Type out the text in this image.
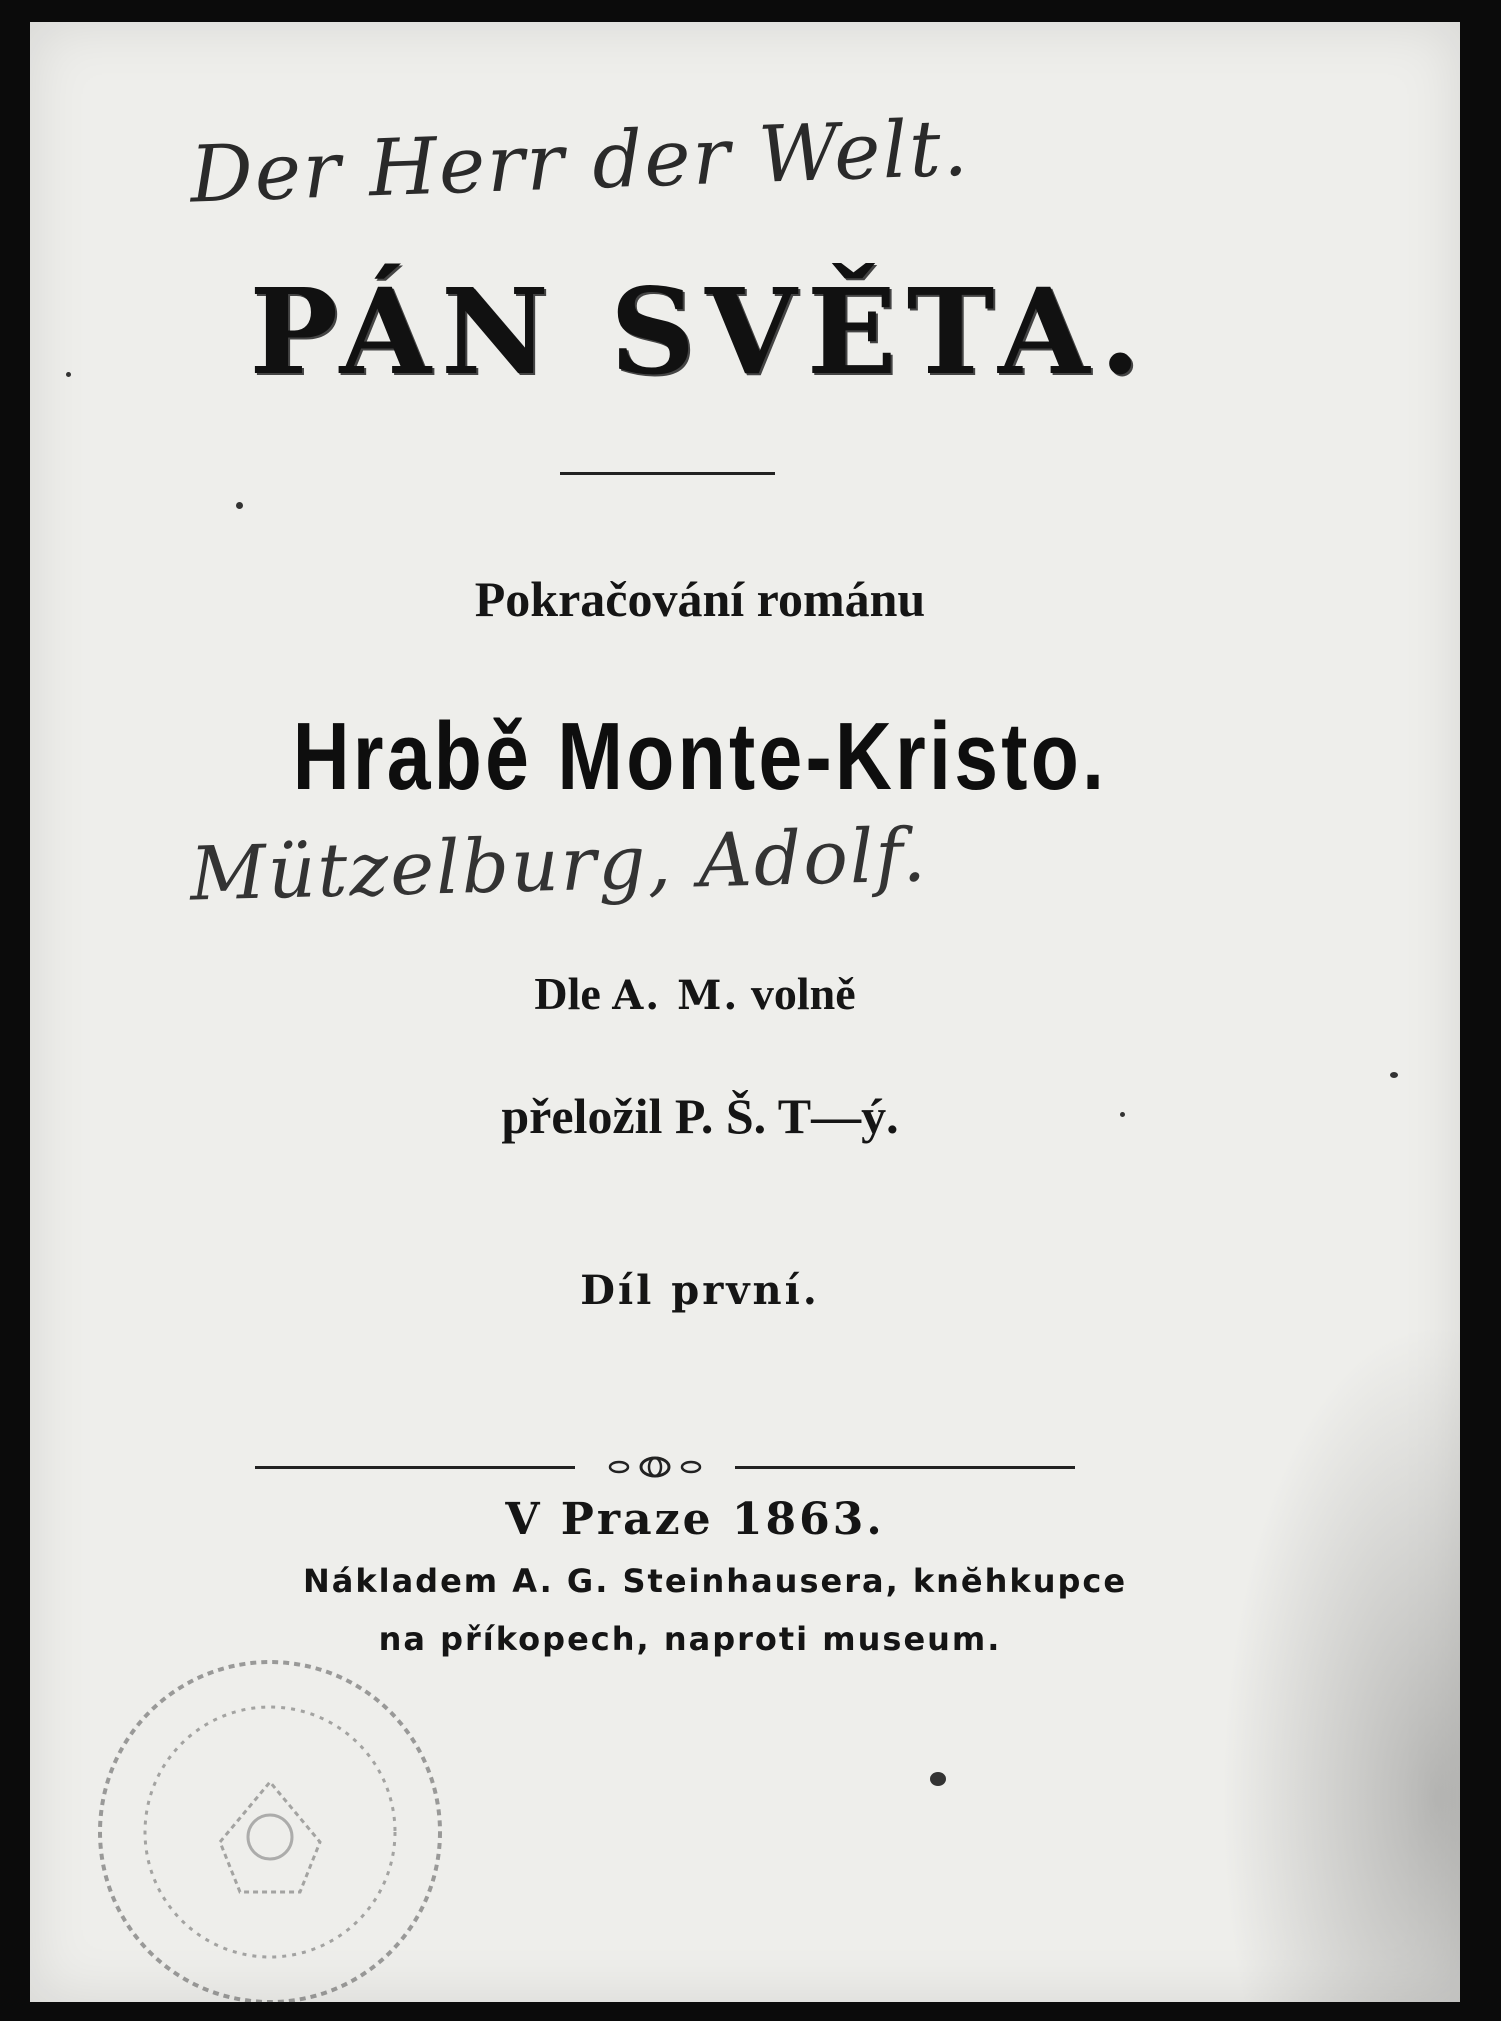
Der Herr der Welt.
PÁN SVĚTA.
Pokračování románu
Hrabě Monte-Kristo.
Mützelburg, Adolf.
Dle A. M. volně
přeložil P. Š. T—ý.
Díl první.
V Praze 1863.
Nákladem A. G. Steinhausera, knĕhkupce
na příkopech, naproti museum.
